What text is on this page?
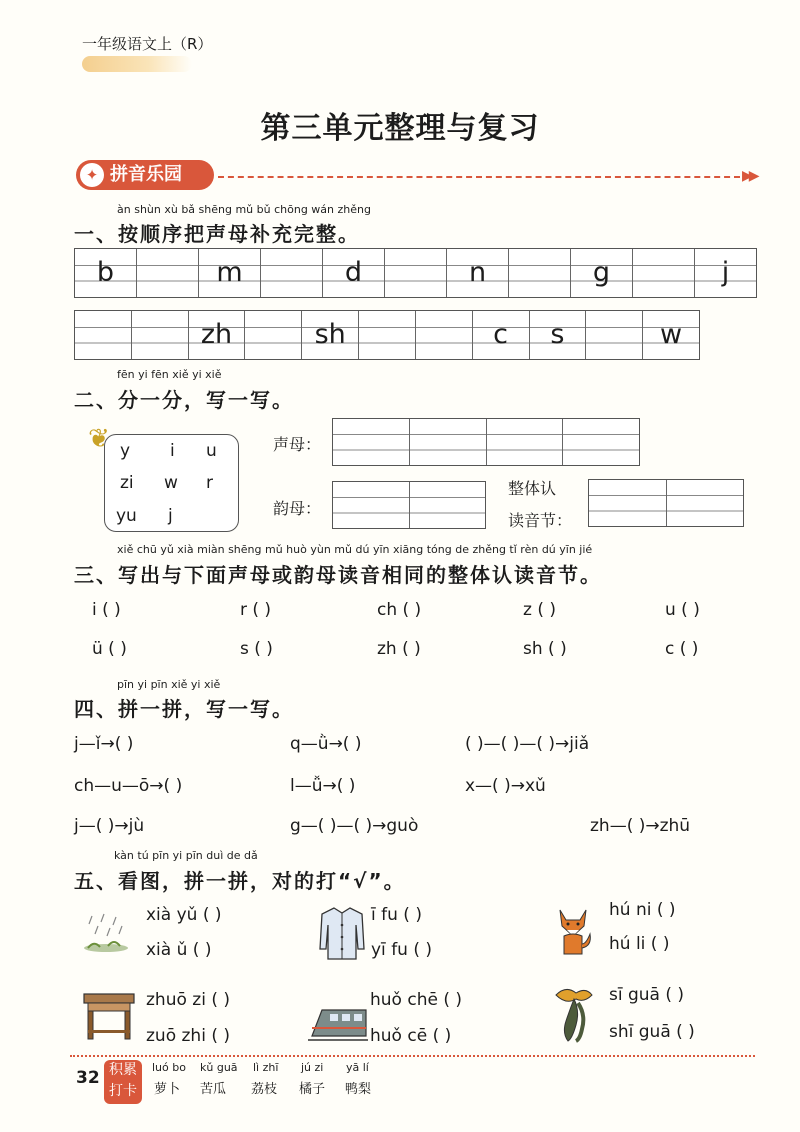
一年级语文上（R）
第三单元整理与复习
✦ 拼音乐园	▶▶
àn shùn xù bǎ shēng mǔ bǔ chōng wán zhěng
一、按顺序把声母补充完整。
b	m	d	n	g	j
zh	sh	c	s	w
fēn yi fēn xiě yi xiě
二、分一分，写一写。
❦ y i u
zi w r
yu j
声母：
韵母：
整体认
读音节：
xiě chū yǔ xià miàn shēng mǔ huò yùn mǔ dú yīn xiāng tóng de zhěng tǐ rèn dú yīn jié
三、写出与下面声母或韵母读音相同的整体认读音节。
i ( )	r ( )	ch ( )	z ( )	u ( )
ü ( )	s ( )	zh ( )	sh ( )	c ( )
pīn yi pīn xiě yi xiě
四、拼一拼，写一写。
j—ǐ→( )	q—ǜ→( )	( )—( )—( )→jiǎ
ch—u—ō→( )	l—ǚ→( )	x—( )→xǔ
j—( )→jù	g—( )—( )→guò	zh—( )→zhū
kàn tú pīn yi pīn duì de dǎ
五、看图，拼一拼，对的打“√”。
xià yǔ ( )
xià ǔ ( )
ī fu ( )
yī fu ( )
hú ni ( )
hú li ( )
zhuō zi ( )
zuō zhi ( )
huǒ chē ( )
huǒ cē ( )
sī guā ( )
shī guā ( )
32 积累
打卡
luó bo
萝卜
kǔ guā
苦瓜
lì zhī
荔枝
jú zi
橘子
yā lí
鸭梨
